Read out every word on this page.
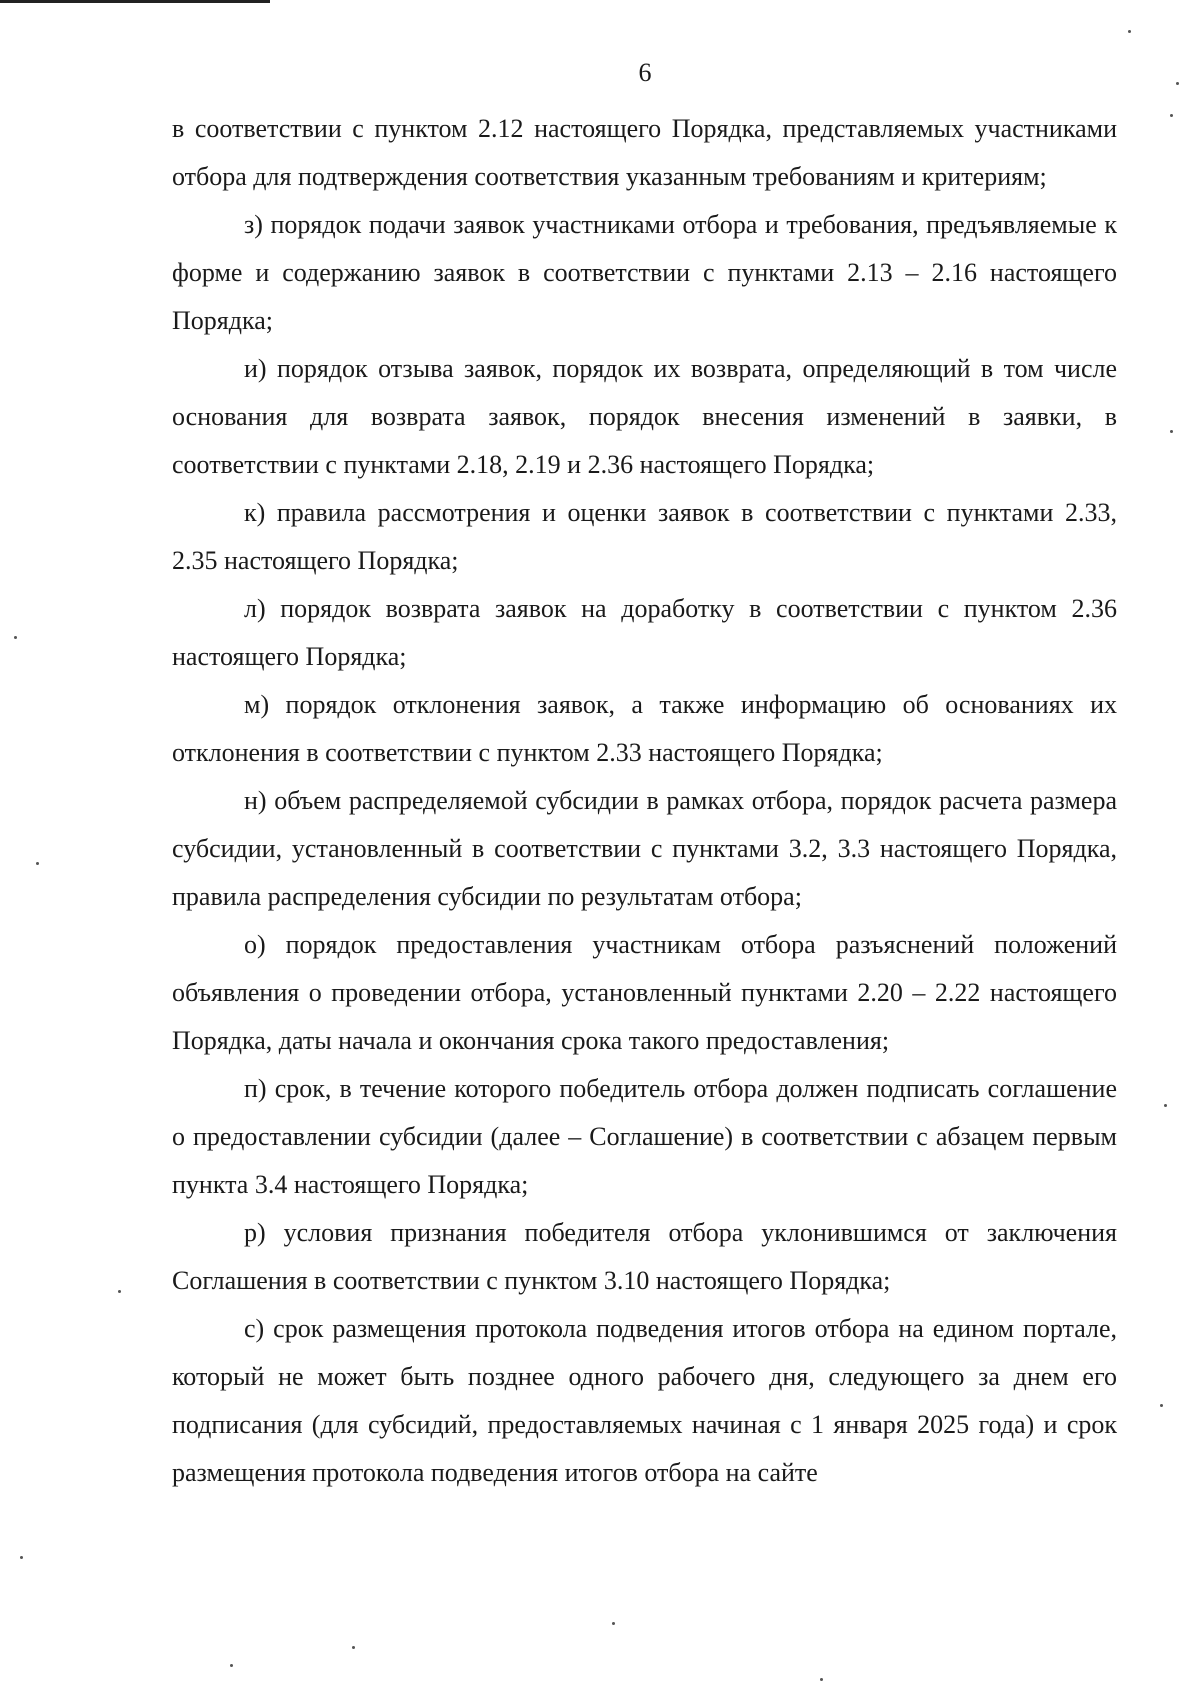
6

в соответствии с пунктом 2.12 настоящего Порядка, представляемых участниками отбора для подтверждения соответствия указанным требованиям и критериям;

з) порядок подачи заявок участниками отбора и требования, предъявляемые к форме и содержанию заявок в соответствии с пунктами 2.13 – 2.16 настоящего Порядка;

и) порядок отзыва заявок, порядок их возврата, определяющий в том числе основания для возврата заявок, порядок внесения изменений в заявки, в соответствии с пунктами 2.18, 2.19 и 2.36 настоящего Порядка;

к) правила рассмотрения и оценки заявок в соответствии с пунктами 2.33, 2.35 настоящего Порядка;

л) порядок возврата заявок на доработку в соответствии с пунктом 2.36 настоящего Порядка;

м) порядок отклонения заявок, а также информацию об основаниях их отклонения в соответствии с пунктом 2.33 настоящего Порядка;

н) объем распределяемой субсидии в рамках отбора, порядок расчета размера субсидии, установленный в соответствии с пунктами 3.2, 3.3 настоящего Порядка, правила распределения субсидии по результатам отбора;

о) порядок предоставления участникам отбора разъяснений положений объявления о проведении отбора, установленный пунктами 2.20 – 2.22 настоящего Порядка, даты начала и окончания срока такого предоставления;

п) срок, в течение которого победитель отбора должен подписать соглашение о предоставлении субсидии (далее – Соглашение) в соответствии с абзацем первым пункта 3.4 настоящего Порядка;

р) условия признания победителя отбора уклонившимся от заключения Соглашения в соответствии с пунктом 3.10 настоящего Порядка;

с) срок размещения протокола подведения итогов отбора на едином портале, который не может быть позднее одного рабочего дня, следующего за днем его подписания (для субсидий, предоставляемых начиная с 1 января 2025 года) и срок размещения протокола подведения итогов отбора на сайте
